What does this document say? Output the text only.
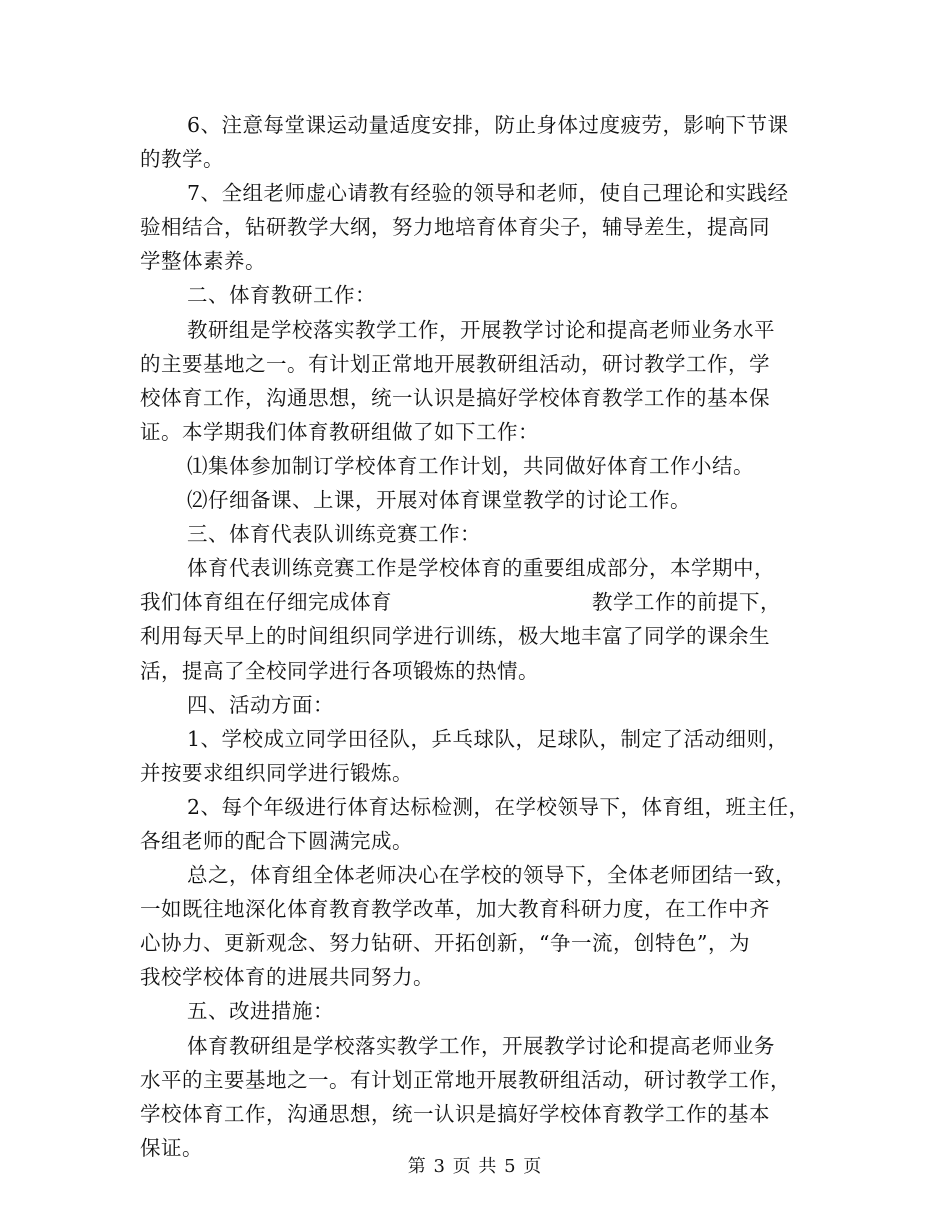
6、注意每堂课运动量适度安排，防止身体过度疲劳，影响下节课
的教学。
7、全组老师虚心请教有经验的领导和老师，使自己理论和实践经
验相结合，钻研教学大纲，努力地培育体育尖子，辅导差生，提高同
学整体素养。
二、体育教研工作：
教研组是学校落实教学工作，开展教学讨论和提高老师业务水平
的主要基地之一。有计划正常地开展教研组活动，研讨教学工作，学
校体育工作，沟通思想，统一认识是搞好学校体育教学工作的基本保
证。本学期我们体育教研组做了如下工作：
⑴集体参加制订学校体育工作计划，共同做好体育工作小结。
⑵仔细备课、上课，开展对体育课堂教学的讨论工作。
三、体育代表队训练竞赛工作：
体育代表训练竞赛工作是学校体育的重要组成部分，本学期中，
我们体育组在仔细完成体育	教学工作的前提下，
利用每天早上的时间组织同学进行训练，极大地丰富了同学的课余生
活，提高了全校同学进行各项锻炼的热情。
四、活动方面：
1、学校成立同学田径队，乒乓球队，足球队，制定了活动细则，
并按要求组织同学进行锻炼。
2、每个年级进行体育达标检测，在学校领导下，体育组，班主任，
各组老师的配合下圆满完成。
总之，体育组全体老师决心在学校的领导下，全体老师团结一致，
一如既往地深化体育教育教学改革，加大教育科研力度，在工作中齐
心协力、更新观念、努力钻研、开拓创新，“争一流，创特色”，为
我校学校体育的进展共同努力。
五、改进措施：
体育教研组是学校落实教学工作，开展教学讨论和提高老师业务
水平的主要基地之一。有计划正常地开展教研组活动，研讨教学工作，
学校体育工作，沟通思想，统一认识是搞好学校体育教学工作的基本
保证。
第 3 页 共 5 页
